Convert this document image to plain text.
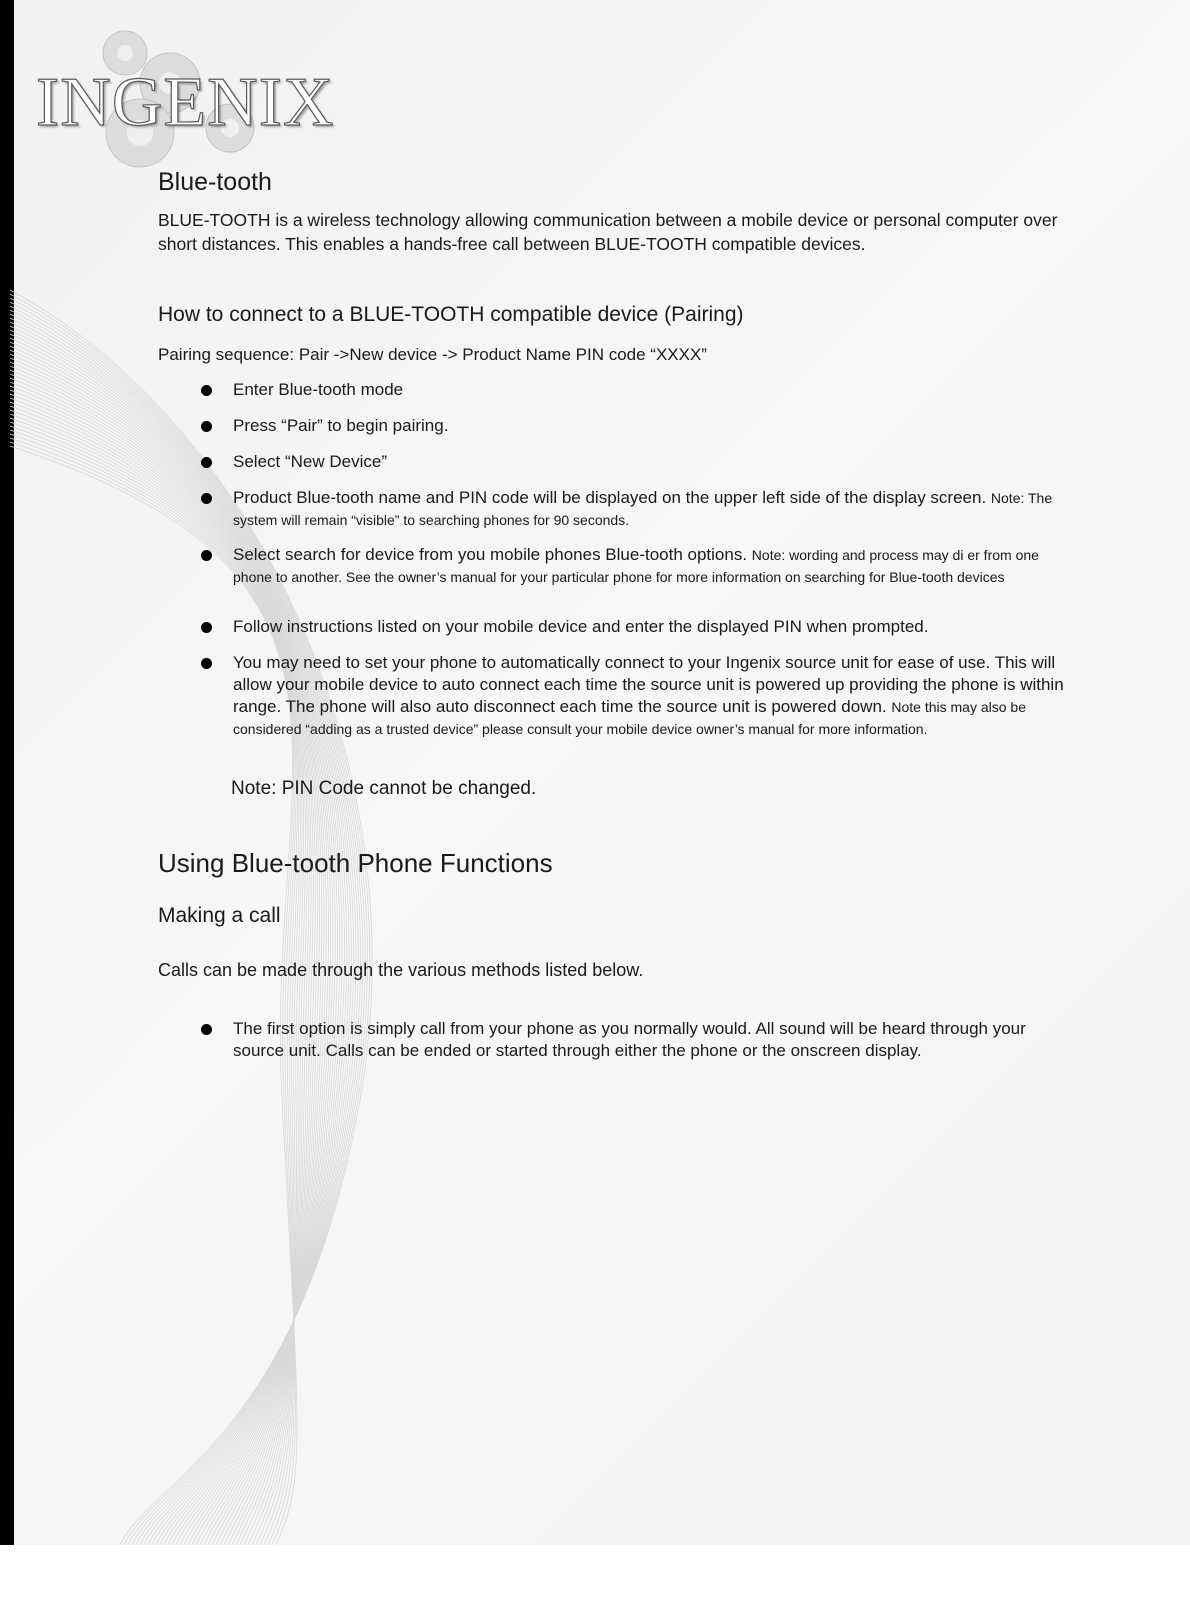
INGENIX
Blue-tooth

BLUE-TOOTH is a wireless technology allowing communication between a mobile device or personal computer over short distances. This enables a hands-free call between BLUE-TOOTH compatible devices.

How to connect to a BLUE-TOOTH compatible device (Pairing)

Pairing sequence: Pair ->New device -> Product Name PIN code “XXXX”

Enter Blue-tooth mode
Press “Pair” to begin pairing.
Select “New Device”
Product Blue-tooth name and PIN code will be displayed on the upper left side of the display screen. Note: The system will remain “visible” to searching phones for 90 seconds.
Select search for device from you mobile phones Blue-tooth options. Note: wording and process may di er from one phone to another. See the owner’s manual for your particular phone for more information on searching for Blue-tooth devices
Follow instructions listed on your mobile device and enter the displayed PIN when prompted.
You may need to set your phone to automatically connect to your Ingenix source unit for ease of use. This will allow your mobile device to auto connect each time the source unit is powered up providing the phone is within range. The phone will also auto disconnect each time the source unit is powered down. Note this may also be considered “adding as a trusted device” please consult your mobile device owner’s manual for more information.
Note: PIN Code cannot be changed.
Using Blue-tooth Phone Functions
Making a call

Calls can be made through the various methods listed below.

The first option is simply call from your phone as you normally would. All sound will be heard through your source unit. Calls can be ended or started through either the phone or the onscreen display.
